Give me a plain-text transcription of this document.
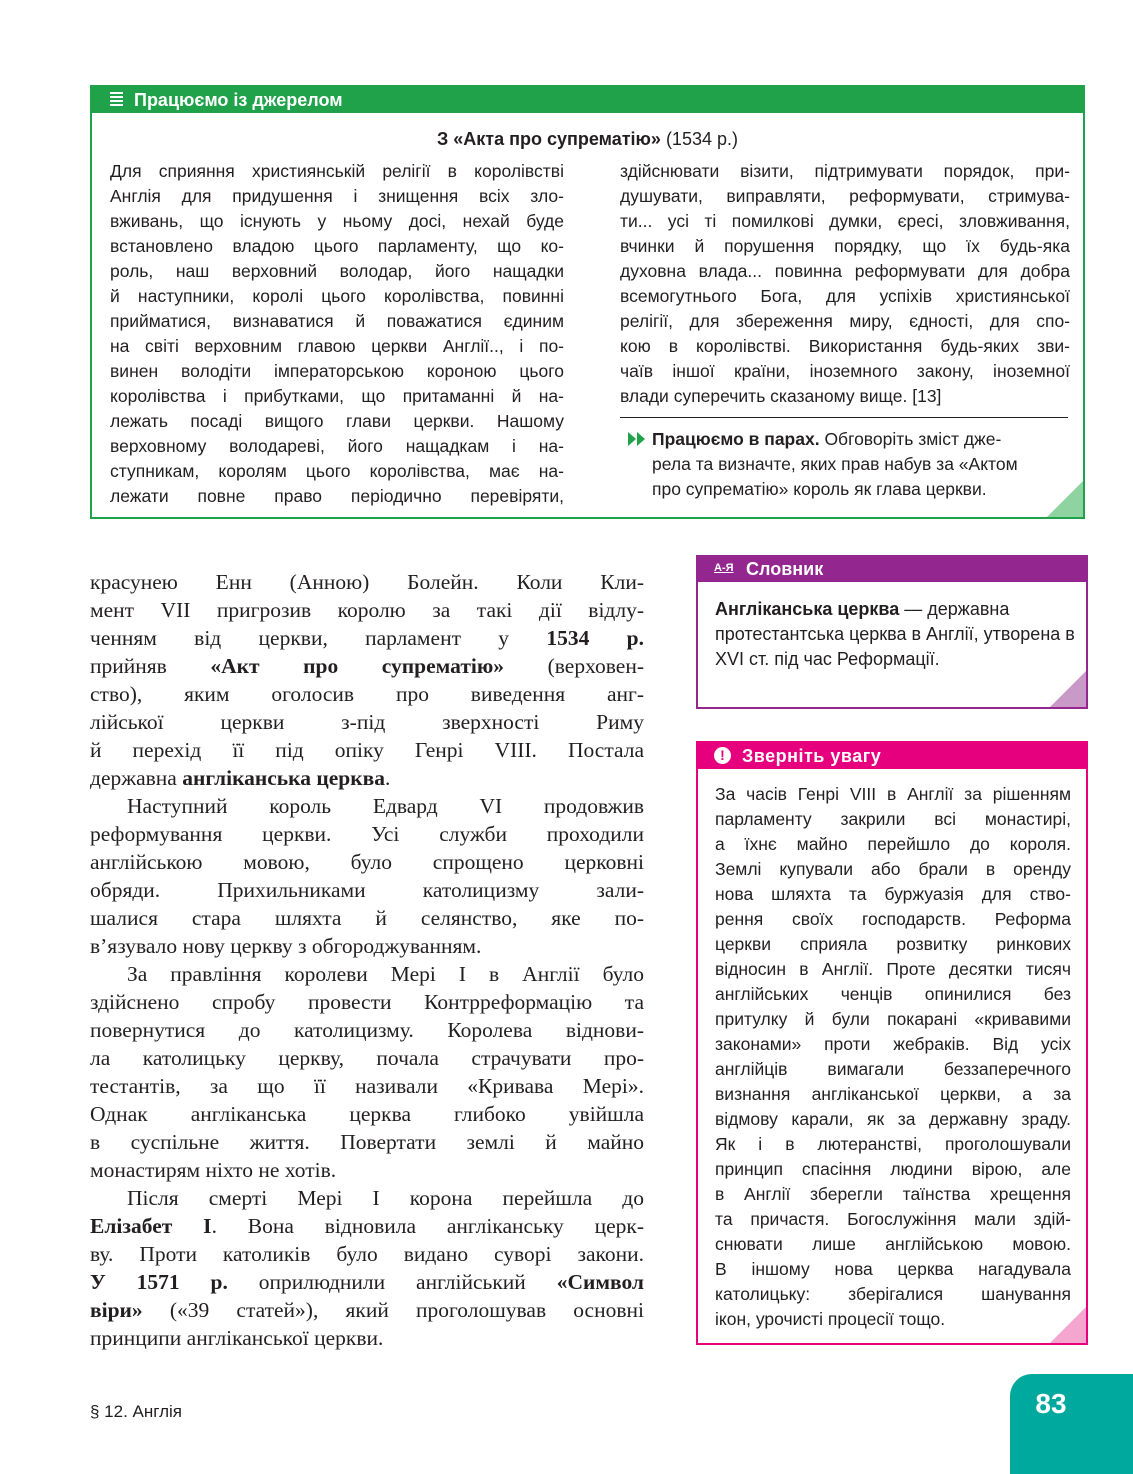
Працюємо із джерелом
З «Акта про супрематію» (1534 р.)
Для сприяння християнській релігії в королівстві
Англія для придушення і знищення всіх зло-
вживань, що існують у ньому досі, нехай буде
встановлено владою цього парламенту, що ко-
роль, наш верховний володар, його нащадки
й наступники, королі цього королівства, повинні
прийматися, визнаватися й поважатися єдиним
на світі верховним главою церкви Англії.., і по-
винен володіти імператорською короною цього
королівства і прибутками, що притаманні й на-
лежать посаді вищого глави церкви. Нашому
верховному володареві, його нащадкам і на-
ступникам, королям цього королівства, має на-
лежати повне право періодично перевіряти,
здійснювати візити, підтримувати порядок, при-
душувати, виправляти, реформувати, стримува-
ти... усі ті помилкові думки, єресі, зловживання,
вчинки й порушення порядку, що їх будь-яка
духовна влада... повинна реформувати для добра
всемогутнього Бога, для успіхів християнської
релігії, для збереження миру, єдності, для спо-
кою в королівстві. Використання будь-яких зви-
чаїв іншої країни, іноземного закону, іноземної
влади суперечить сказаному вище. [13]
Працюємо в парах. Обговоріть зміст дже-
рела та визначте, яких прав набув за «Актом
про супрематію» король як глава церкви.
красунею Енн (Анною) Болейн. Коли Кли-
мент VII пригрозив королю за такі дії відлу-
ченням від церкви, парламент у 1534 р.
прийняв «Акт про супрематію» (верховен-
ство), яким оголосив про виведення анг-
лійської церкви з-під зверхності Риму
й перехід її під опіку Генрі VIII. Постала
державна англіканська церква.
Наступний король Едвард VI продовжив
реформування церкви. Усі служби проходили
англійською мовою, було спрощено церковні
обряди. Прихильниками католицизму зали-
шалися стара шляхта й селянство, яке по-
в’язувало нову церкву з обгороджуванням.
За правління королеви Мері I в Англії було
здійснено спробу провести Контрреформацію та
повернутися до католицизму. Королева віднови-
ла католицьку церкву, почала страчувати про-
тестантів, за що її називали «Кривава Мері».
Однак англіканська церква глибоко увійшла
в суспільне життя. Повертати землі й майно
монастирям ніхто не хотів.
Після смерті Мері I корона перейшла до
Елізабет I. Вона відновила англіканську церк-
ву. Проти католиків було видано суворі закони.
У 1571 р. оприлюднили англійський «Символ
віри» («39 статей»), який проголошував основні
принципи англіканської церкви.
А-Я Словник
Англіканська церква — державна протестантська церква в Англії, утворена в XVI ст. під час Реформації.
! Зверніть увагу
За часів Генрі VIII в Англії за рішенням
парламенту закрили всі монастирі,
а їхнє майно перейшло до короля.
Землі купували або брали в оренду
нова шляхта та буржуазія для ство-
рення своїх господарств. Реформа
церкви сприяла розвитку ринкових
відносин в Англії. Проте десятки тисяч
англійських ченців опинилися без
притулку й були покарані «кривавими
законами» проти жебраків. Від усіх
англійців вимагали беззаперечного
визнання англіканської церкви, а за
відмову карали, як за державну зраду.
Як і в лютеранстві, проголошували
принцип спасіння людини вірою, але
в Англії зберегли таїнства хрещення
та причастя. Богослужіння мали здій-
снювати лише англійською мовою.
В іншому нова церква нагадувала
католицьку: зберігалися шанування
ікон, урочисті процесії тощо.
§ 12. Англія	83
